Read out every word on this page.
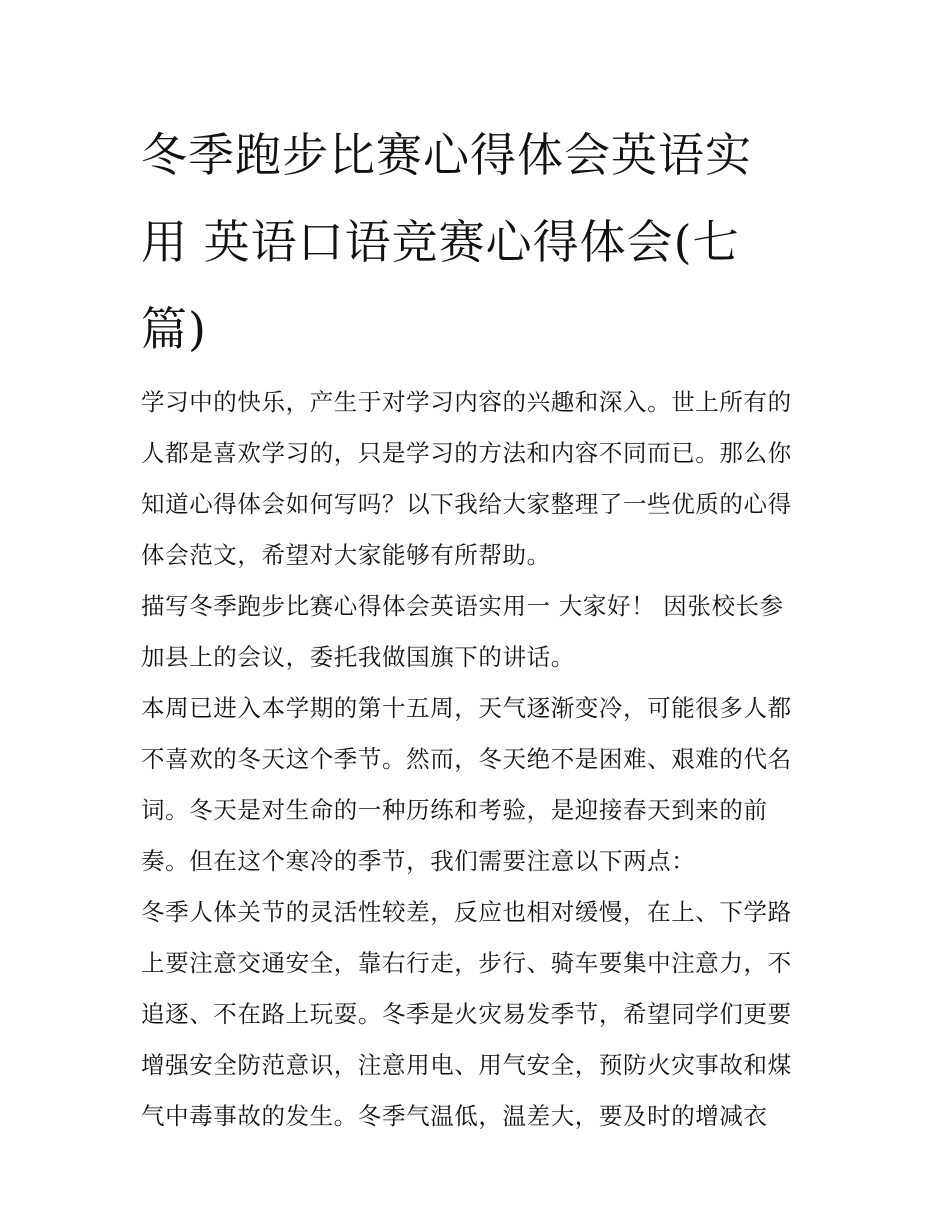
冬季跑步比赛心得体会英语实
用 英语口语竞赛心得体会(七
篇)

学习中的快乐，产生于对学习内容的兴趣和深入。世上所有的
人都是喜欢学习的，只是学习的方法和内容不同而已。那么你
知道心得体会如何写吗？以下我给大家整理了一些优质的心得
体会范文，希望对大家能够有所帮助。

描写冬季跑步比赛心得体会英语实用一 大家好！ 因张校长参
加县上的会议，委托我做国旗下的讲话。

本周已进入本学期的第十五周，天气逐渐变冷，可能很多人都
不喜欢的冬天这个季节。然而，冬天绝不是困难、艰难的代名
词。冬天是对生命的一种历练和考验，是迎接春天到来的前
奏。但在这个寒冷的季节，我们需要注意以下两点：

冬季人体关节的灵活性较差，反应也相对缓慢，在上、下学路
上要注意交通安全，靠右行走，步行、骑车要集中注意力，不
追逐、不在路上玩耍。冬季是火灾易发季节，希望同学们更要
增强安全防范意识，注意用电、用气安全，预防火灾事故和煤
气中毒事故的发生。冬季气温低，温差大，要及时的增减衣
